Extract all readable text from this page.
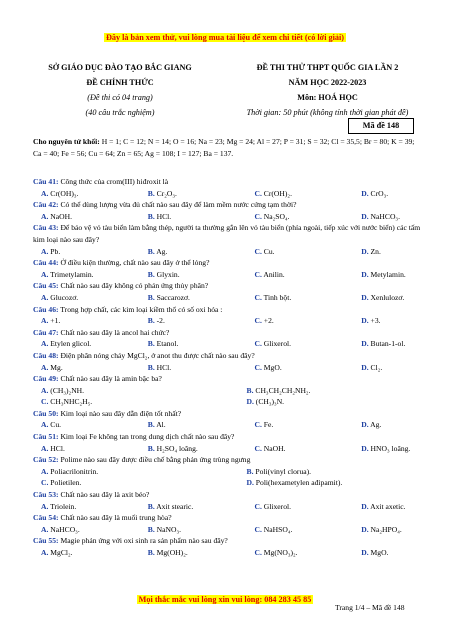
Đây là bản xem thử, vui lòng mua tài liệu để xem chi tiết (có lời giải)
SỞ GIÁO DỤC ĐÀO TẠO BẮC GIANG
ĐỀ CHÍNH THỨC
(Đề thi có 04 trang)
(40 câu trắc nghiệm)
ĐỀ THI THỬ THPT QUỐC GIA LẦN 2
NĂM HỌC 2022-2023
Môn: HOÁ HỌC
Thời gian: 50 phút (không tính thời gian phát đề)
Mã đề 148
Cho nguyên tử khối: H = 1; C = 12; N = 14; O = 16; Na = 23; Mg = 24; Al = 27; P = 31; S = 32; Cl = 35,5; Br = 80; K = 39; Ca = 40; Fe = 56; Cu = 64; Zn = 65; Ag = 108; I = 127; Ba = 137.
Câu 41: Công thức của crom(III) hiđroxit là
A. Cr(OH)₃.	B. Cr₂O₃.	C. Cr(OH)₂.	D. CrO₃.
Câu 42: Có thể dùng lượng vừa đủ chất nào sau đây để làm mềm nước cứng tạm thời?
A. NaOH.	B. HCl.	C. Na₂SO₄.	D. NaHCO₃.
Câu 43: Để bảo vệ vỏ tàu biển làm bằng thép, người ta thường gắn lên vỏ tàu biển (phía ngoài, tiếp xúc với nước biển) các tấm kim loại nào sau đây?
A. Pb.	B. Ag.	C. Cu.	D. Zn.
Câu 44: Ở điều kiện thường, chất nào sau đây ở thể lỏng?
A. Trimetylamin.	B. Glyxin.	C. Anilin.	D. Metylamin.
Câu 45: Chất nào sau đây không có phản ứng thủy phân?
A. Glucozơ.	B. Saccarozơ.	C. Tinh bột.	D. Xenlulozơ.
Câu 46: Trong hợp chất, các kim loại kiềm thổ có số oxi hóa :
A. +1.	B. -2.	C. +2.	D. +3.
Câu 47: Chất nào sau đây là ancol hai chức?
A. Etylen glicol.	B. Etanol.	C. Glixerol.	D. Butan-1-ol.
Câu 48: Điện phân nóng chảy MgCl₂, ở anot thu được chất nào sau đây?
A. Mg.	B. HCl.	C. MgO.	D. Cl₂.
Câu 49: Chất nào sau đây là amin bậc ba?
A. (CH₃)₂NH.	B. CH₃CH₂CH₂NH₂.
C. CH₃NHC₂H₅.	D. (CH₃)₃N.
Câu 50: Kim loại nào sau đây dẫn điện tốt nhất?
A. Cu.	B. Al.	C. Fe.	D. Ag.
Câu 51: Kim loại Fe không tan trong dung dịch chất nào sau đây?
A. HCl.	B. H₂SO₄ loãng.	C. NaOH.	D. HNO₃ loãng.
Câu 52: Polime nào sau đây được điều chế bằng phản ứng trùng ngưng
A. Poliacrilonitrin.	B. Poli(vinyl clorua).
C. Polietilen.	D. Poli(hexametylen ađipamit).
Câu 53: Chất nào sau đây là axit béo?
A. Triolein.	B. Axit stearic.	C. Glixerol.	D. Axit axetic.
Câu 54: Chất nào sau đây là muối trung hòa?
A. NaHCO₃.	B. NaNO₃.	C. NaHSO₄.	D. Na₂HPO₄.
Câu 55: Magie phản ứng với oxi sinh ra sản phẩm nào sau đây?
A. MgCl₂.	B. Mg(OH)₂.	C. Mg(NO₃)₂.	D. MgO.
Mọi thắc mắc vui lòng xin vui lòng: 084 283 45 85
Trang 1/4 – Mã đề 148
